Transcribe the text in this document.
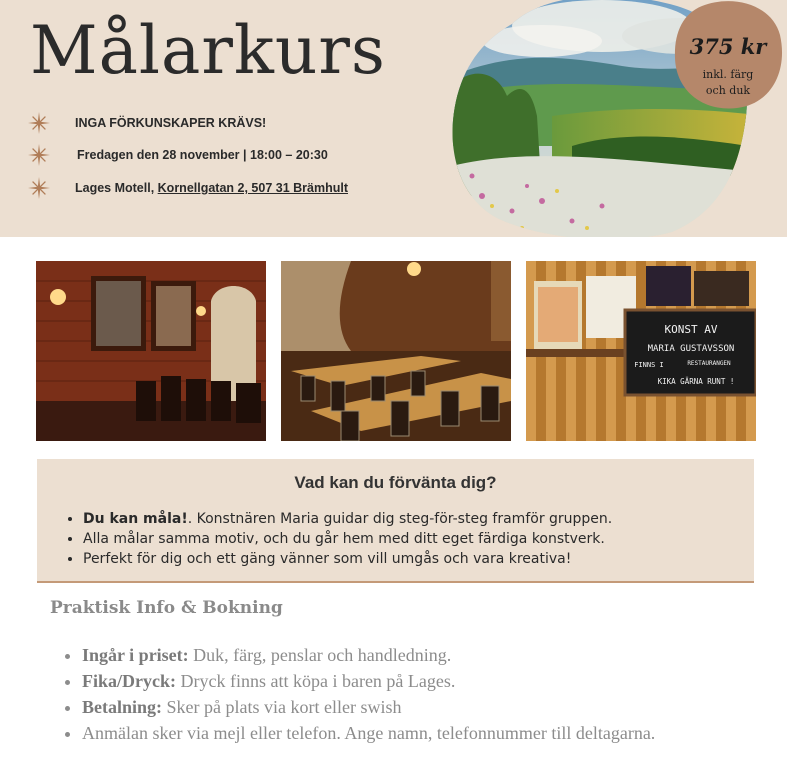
Målarkurs
INGA FÖRKUNSKAPER KRÄVS!
Fredagen den 28 november | 18:00 – 20:30
Lages Motell, Kornellgatan 2, 507 31 Brämhult
375 kr
inkl. färg
och duk
KONST AV
MARIA GUSTAVSSON
FINNS I	RESTAURANGEN
KIKA GÄRNA RUNT !
Vad kan du förvänta dig?
• Du kan måla!. Konstnären Maria guidar dig steg-för-steg framför gruppen.
• Alla målar samma motiv, och du går hem med ditt eget färdiga konstverk.
• Perfekt för dig och ett gäng vänner som vill umgås och vara kreativa!
Praktisk Info & Bokning
• Ingår i priset: Duk, färg, penslar och handledning.
• Fika/Dryck: Dryck finns att köpa i baren på Lages.
• Betalning: Sker på plats via kort eller swish
• Anmälan sker via mejl eller telefon. Ange namn, telefonnummer till deltagarna.
